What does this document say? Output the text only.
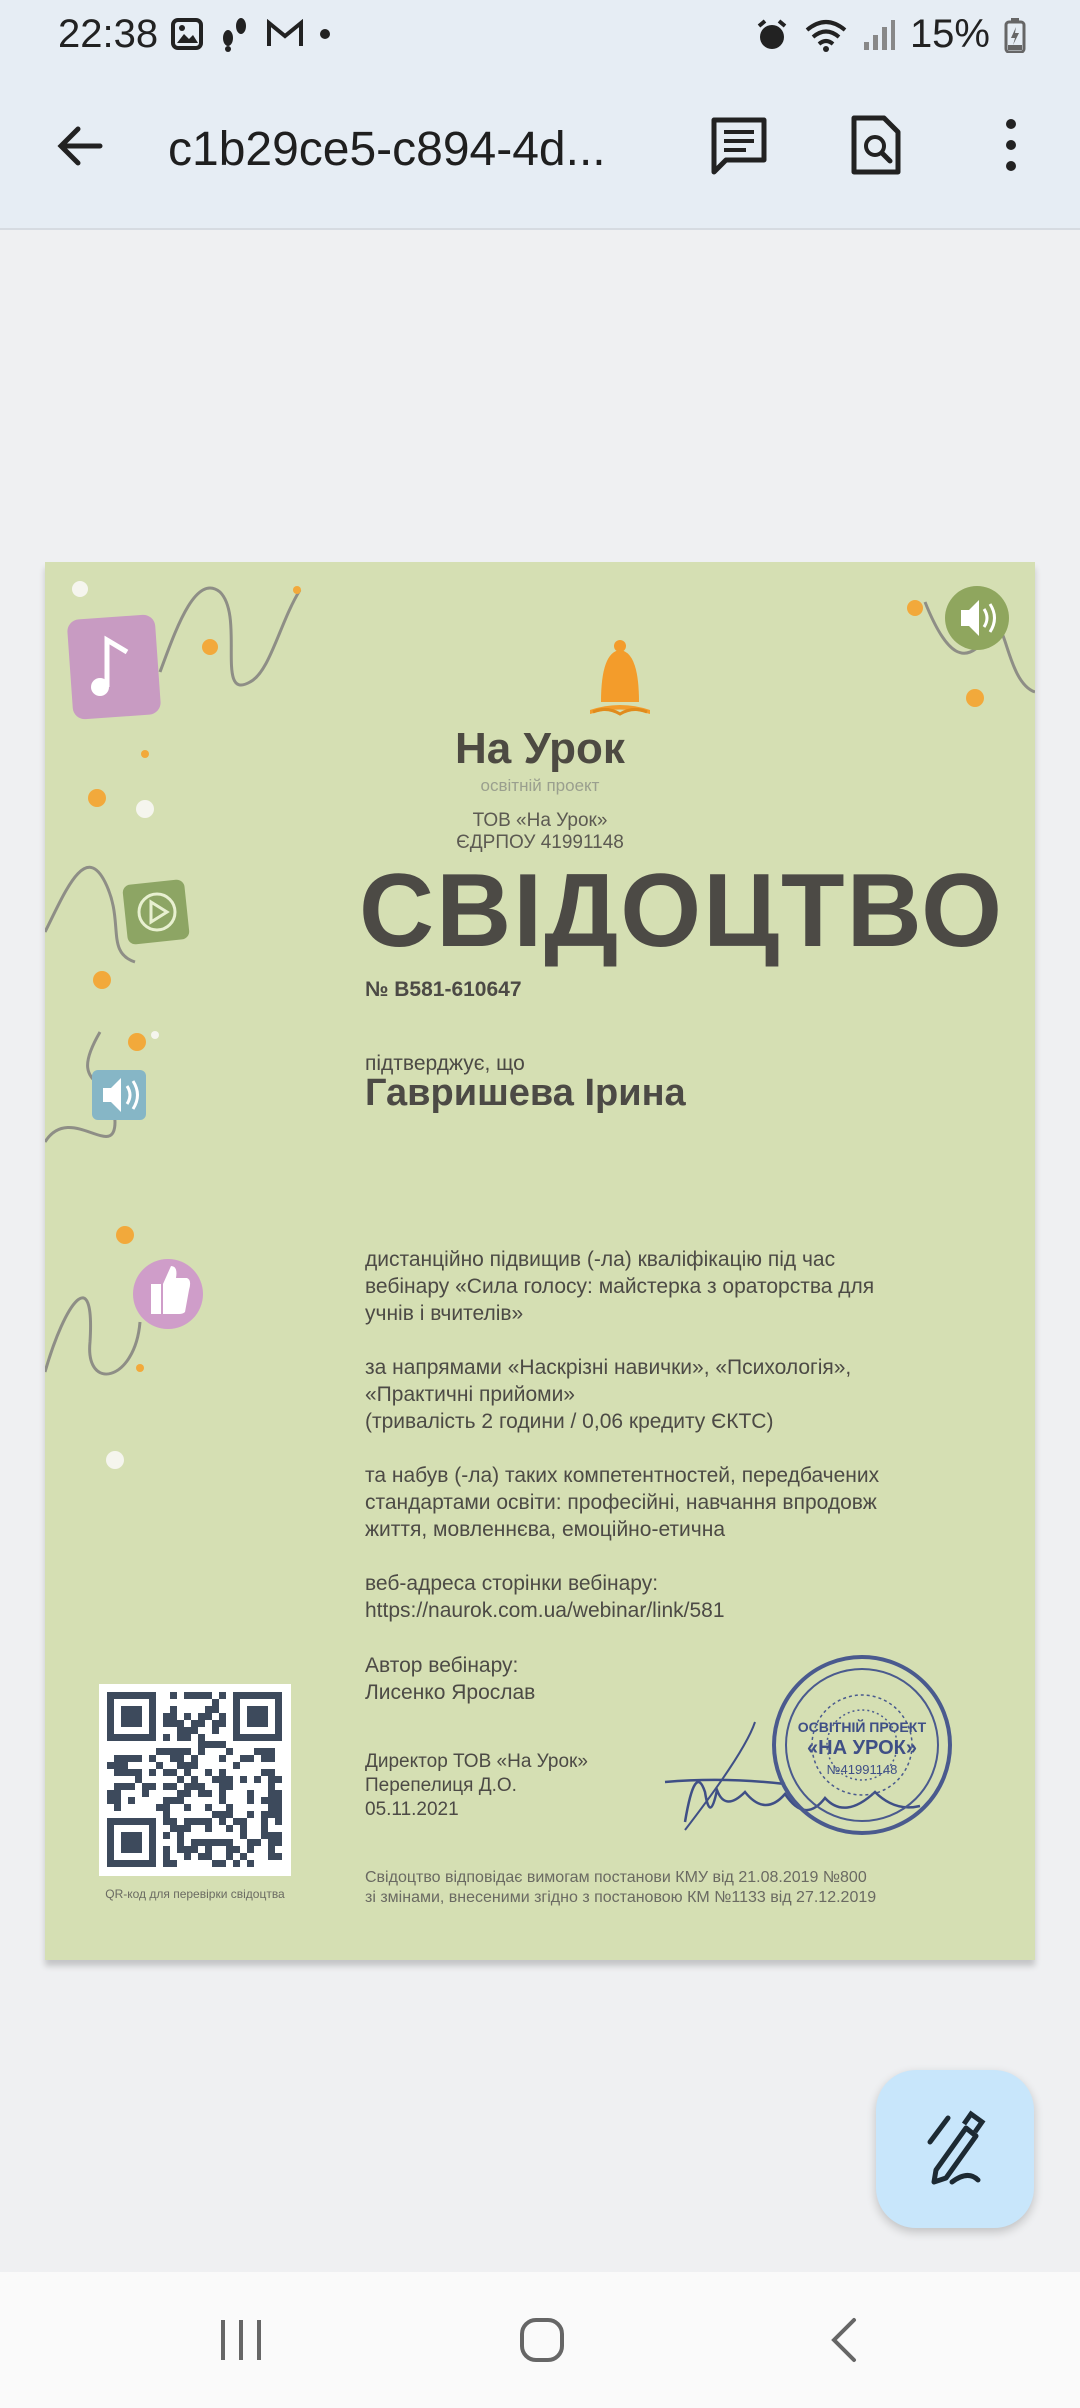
22:38	15%
c1b29ce5-c894-4d...
ОСВІТНІЙ ПРОЕКТ
«НА УРОК»
№41991148
На Урок
освітній проект
ТОВ «На Урок»
ЄДРПОУ 41991148
СВІДОЦТВО
№ B581-610647
підтверджує, що
Гавришева Ірина
дистанційно підвищив (-ла) кваліфікацію під час
вебінару «Сила голосу: майстерка з ораторства для
учнів і вчителів»
за напрямами «Наскрізні навички», «Психологія»,
«Практичні прийоми»
(тривалість 2 години / 0,06 кредиту ЄКТС)
та набув (-ла) таких компетентностей, передбачених
стандартами освіти: професійні, навчання впродовж
життя, мовленнєва, емоційно-етична
веб-адреса сторінки вебінару:
https://naurok.com.ua/webinar/link/581
Автор вебінару:
Лисенко Ярослав
Директор ТОВ «На Урок»
Перепелиця Д.О.
05.11.2021
Свідоцтво відповідає вимогам постанови КМУ від 21.08.2019 №800
зі змінами, внесеними згідно з постановою КМ №1133 від 27.12.2019
QR-код для перевірки свідоцтва
